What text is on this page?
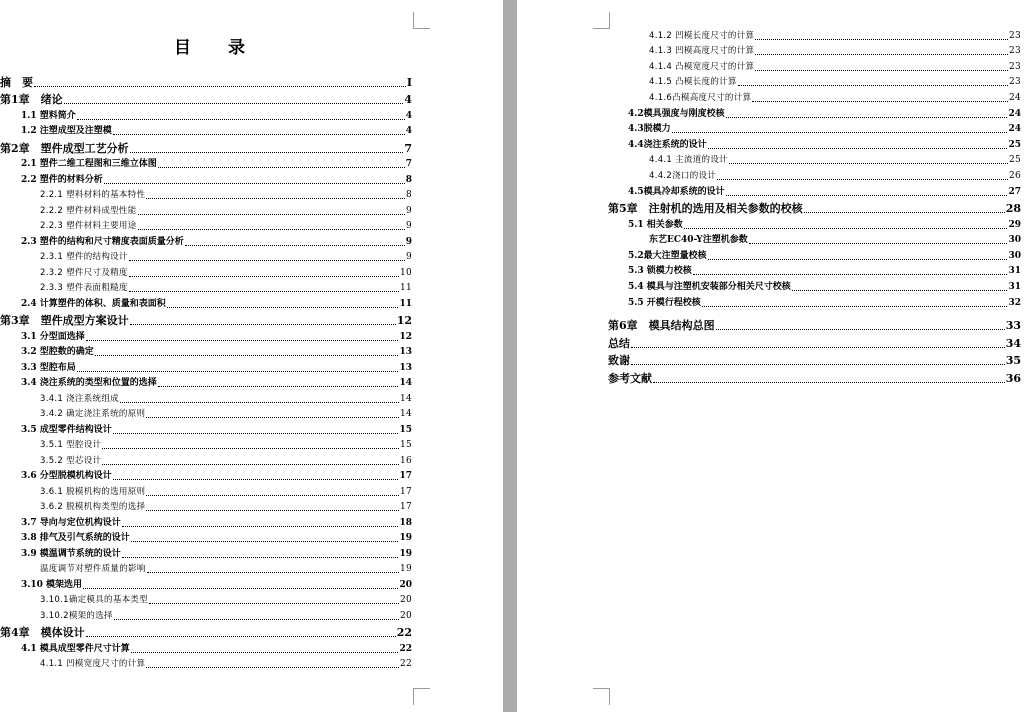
目　　录
摘　要	I
第1章　绪论	4
1.1 塑料简介	4
1.2 注塑成型及注塑模	4
第2章　塑件成型工艺分析	7
2.1 塑件二维工程图和三维立体图	7
2.2 塑件的材料分析	8
2.2.1 塑料材料的基本特性	8
2.2.2 塑件材料成型性能	9
2.2.3 塑件材料主要用途	9
2.3 塑件的结构和尺寸精度表面质量分析	9
2.3.1 塑件的结构设计	9
2.3.2 塑件尺寸及精度	10
2.3.3 塑件表面粗糙度	11
2.4 计算塑件的体积、质量和表面积	11
第3章　塑件成型方案设计	12
3.1 分型面选择	12
3.2 型腔数的确定	13
3.3 型腔布局	13
3.4 浇注系统的类型和位置的选择	14
3.4.1 浇注系统组成	14
3.4.2 确定浇注系统的原则	14
3.5 成型零件结构设计	15
3.5.1 型腔设计	15
3.5.2 型芯设计	16
3.6 分型脱模机构设计	17
3.6.1 脱模机构的选用原则	17
3.6.2 脱模机构类型的选择	17
3.7 导向与定位机构设计	18
3.8 排气及引气系统的设计	19
3.9 模温调节系统的设计	19
温度调节对塑件质量的影响	19
3.10 模架选用	20
3.10.1确定模具的基本类型	20
3.10.2模架的选择	20
第4章　模体设计	22
4.1 模具成型零件尺寸计算	22
4.1.1 凹模宽度尺寸的计算	22
4.1.2 凹模长度尺寸的计算	23
4.1.3 凹模高度尺寸的计算	23
4.1.4 凸模宽度尺寸的计算	23
4.1.5 凸模长度的计算	23
4.1.6凸模高度尺寸的计算	24
4.2模具强度与刚度校核	24
4.3脱模力	24
4.4浇注系统的设计	25
4.4.1 主流道的设计	25
4.4.2浇口的设计	26
4.5模具冷却系统的设计	27
第5章　注射机的选用及相关参数的校核	28
5.1 相关参数	29
东艺EC40-Y注塑机参数	30
5.2最大注塑量校核	30
5.3 锁模力校核	31
5.4 模具与注塑机安装部分相关尺寸校核	31
5.5 开模行程校核	32
第6章　模具结构总图	33
总结	34
致谢	35
参考文献	36
